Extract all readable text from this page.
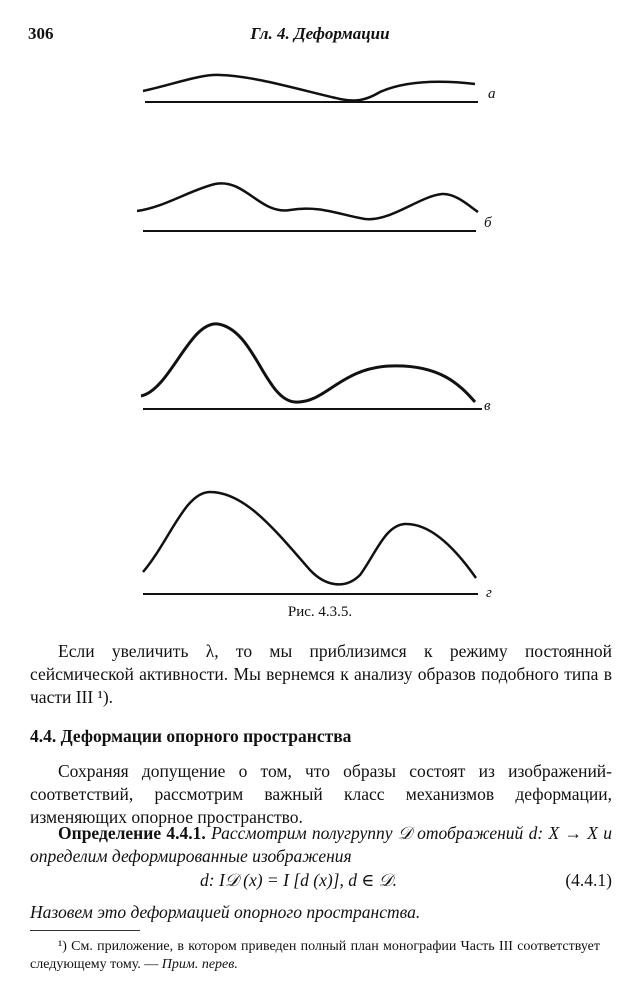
306	Гл. 4. Деформации
а
б
в
г
Рис. 4.3.5.

Если увеличить λ, то мы приблизимся к режиму постоянной сейсмической активности. Мы вернемся к анализу образов подобного типа в части III ¹).

4.4. Деформации опорного пространства

Сохраняя допущение о том, что образы состоят из изображений-соответствий, рассмотрим важный класс механизмов деформации, изменяющих опорное пространство.

Определение 4.4.1. Рассмотрим полугруппу 𝒟 отображений d: X → X и определим деформированные изображения

d: I𝒟 (x) = I [d (x)], d ∈ 𝒟.	(4.4.1)
Назовем это деформацией опорного пространства.

¹) См. приложение, в котором приведен полный план монографии Часть III соответствует следующему тому. — Прим. перев.
